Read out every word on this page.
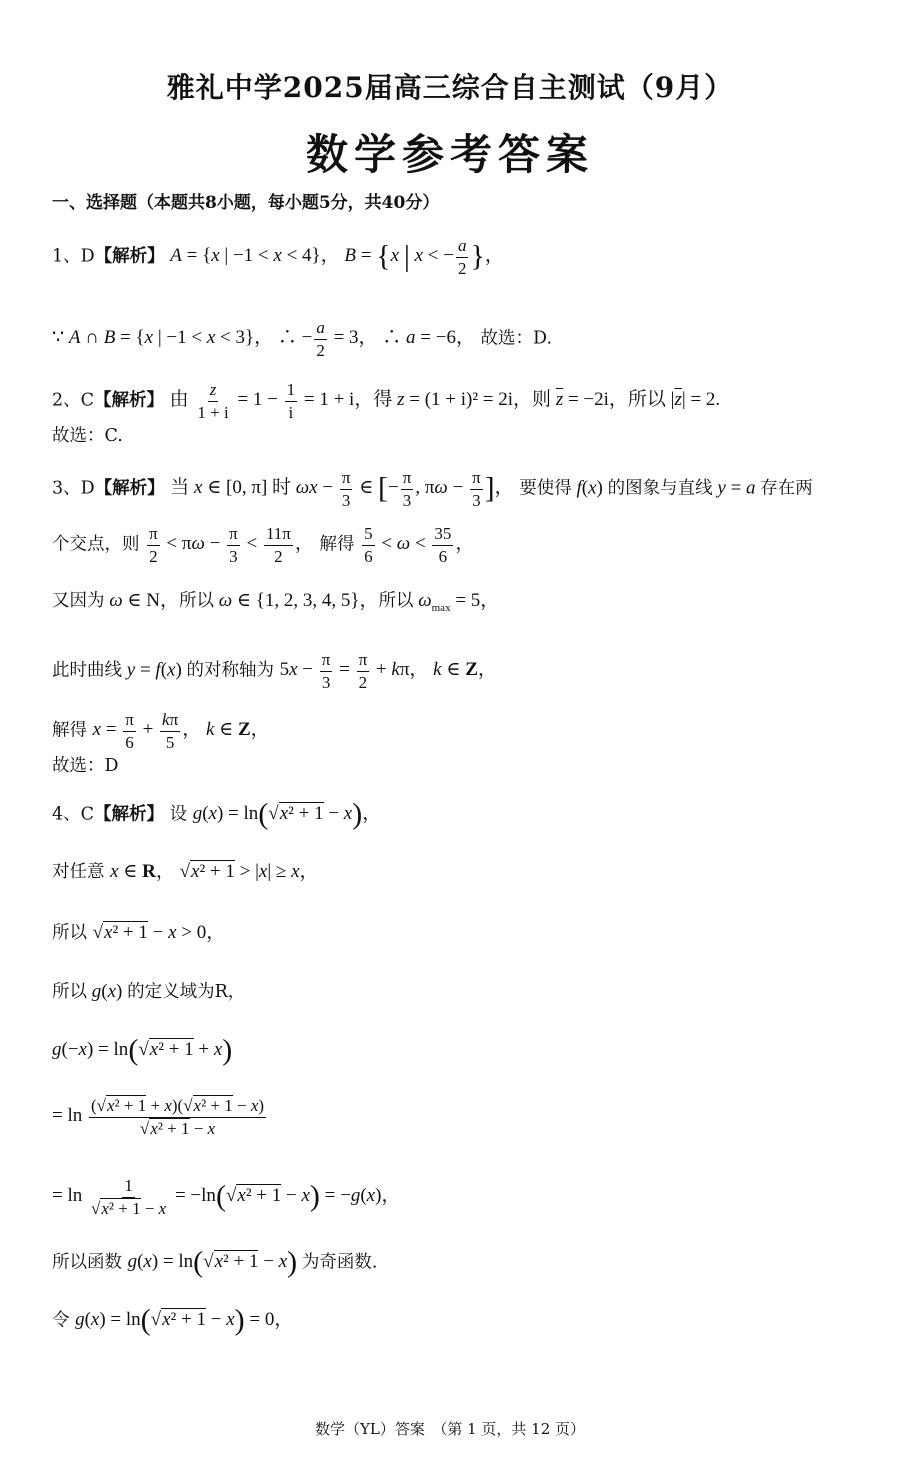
雅礼中学2025届高三综合自主测试（9月）
数学参考答案
一、选择题（本题共8小题，每小题5分，共40分）
1、D【解析】 A = {x | −1 < x < 4}， B = {x | x < − $\frac{a}{2}$ }，
∵ A ∩ B = {x | −1 < x < 3}， ∴ − $\frac{a}{2} = 3$， ∴ a = −6， 故选：D.
2、C【解析】 由 $\frac{z}{1 + i} = 1 - \frac{1}{i} = 1 + i$，得 z = (1 + i)² = 2i，则 $\overline{z} = -2i$，所以 $|\overline{z}| = 2$.
故选：C.
3、D【解析】 当 x ∈ [0, π] 时 $\omega x - \frac{\pi}{3}$ ∈ [− $\frac{\pi}{3}$ , $\pi\omega - \frac{\pi}{3}$ ]， 要使得 f(x) 的图象与直线 y = a 存在两
个交点，则 $\frac{\pi}{2} < \pi\omega - \frac{\pi}{3} < \frac{11\pi}{2}$ ， 解得 $\frac{5}{6} < \omega < \frac{35}{6}$ ，
又因为 ω ∈ N，所以 ω ∈ {1, 2, 3, 4, 5}，所以 $\omega_{max} = 5$，
此时曲线 y = f(x) 的对称轴为 $5x - \frac{\pi}{3} = \frac{\pi}{2} + k\pi$， k ∈ Z，
解得 $x = \frac{\pi}{6} + \frac{k\pi}{5}$ ， k ∈ Z，
故选：D
4、C【解析】 设 g(x) = ln(√x² + 1 − x)，
对任意 x ∈ R， √x² + 1 > |x| ≥ x，
所以 √x² + 1 − x > 0，
所以 g(x) 的定义域为R，
g(−x) = ln(√x² + 1 + x)
= $\ln \frac{\text{(√x² + 1 + x)(√x² + 1 − x)}}{\text{√x² + 1 − x}}$
= $\ln \frac{1}{\text{√x² + 1 − x}} = -\ln(√x^2 + 1 - x) = -g(x)$，
所以函数 g(x) = ln(√x² + 1 − x) 为奇函数.
令 g(x) = ln(√x² + 1 − x) = 0，
数学（YL）答案　（第 1 页，共 12 页）
